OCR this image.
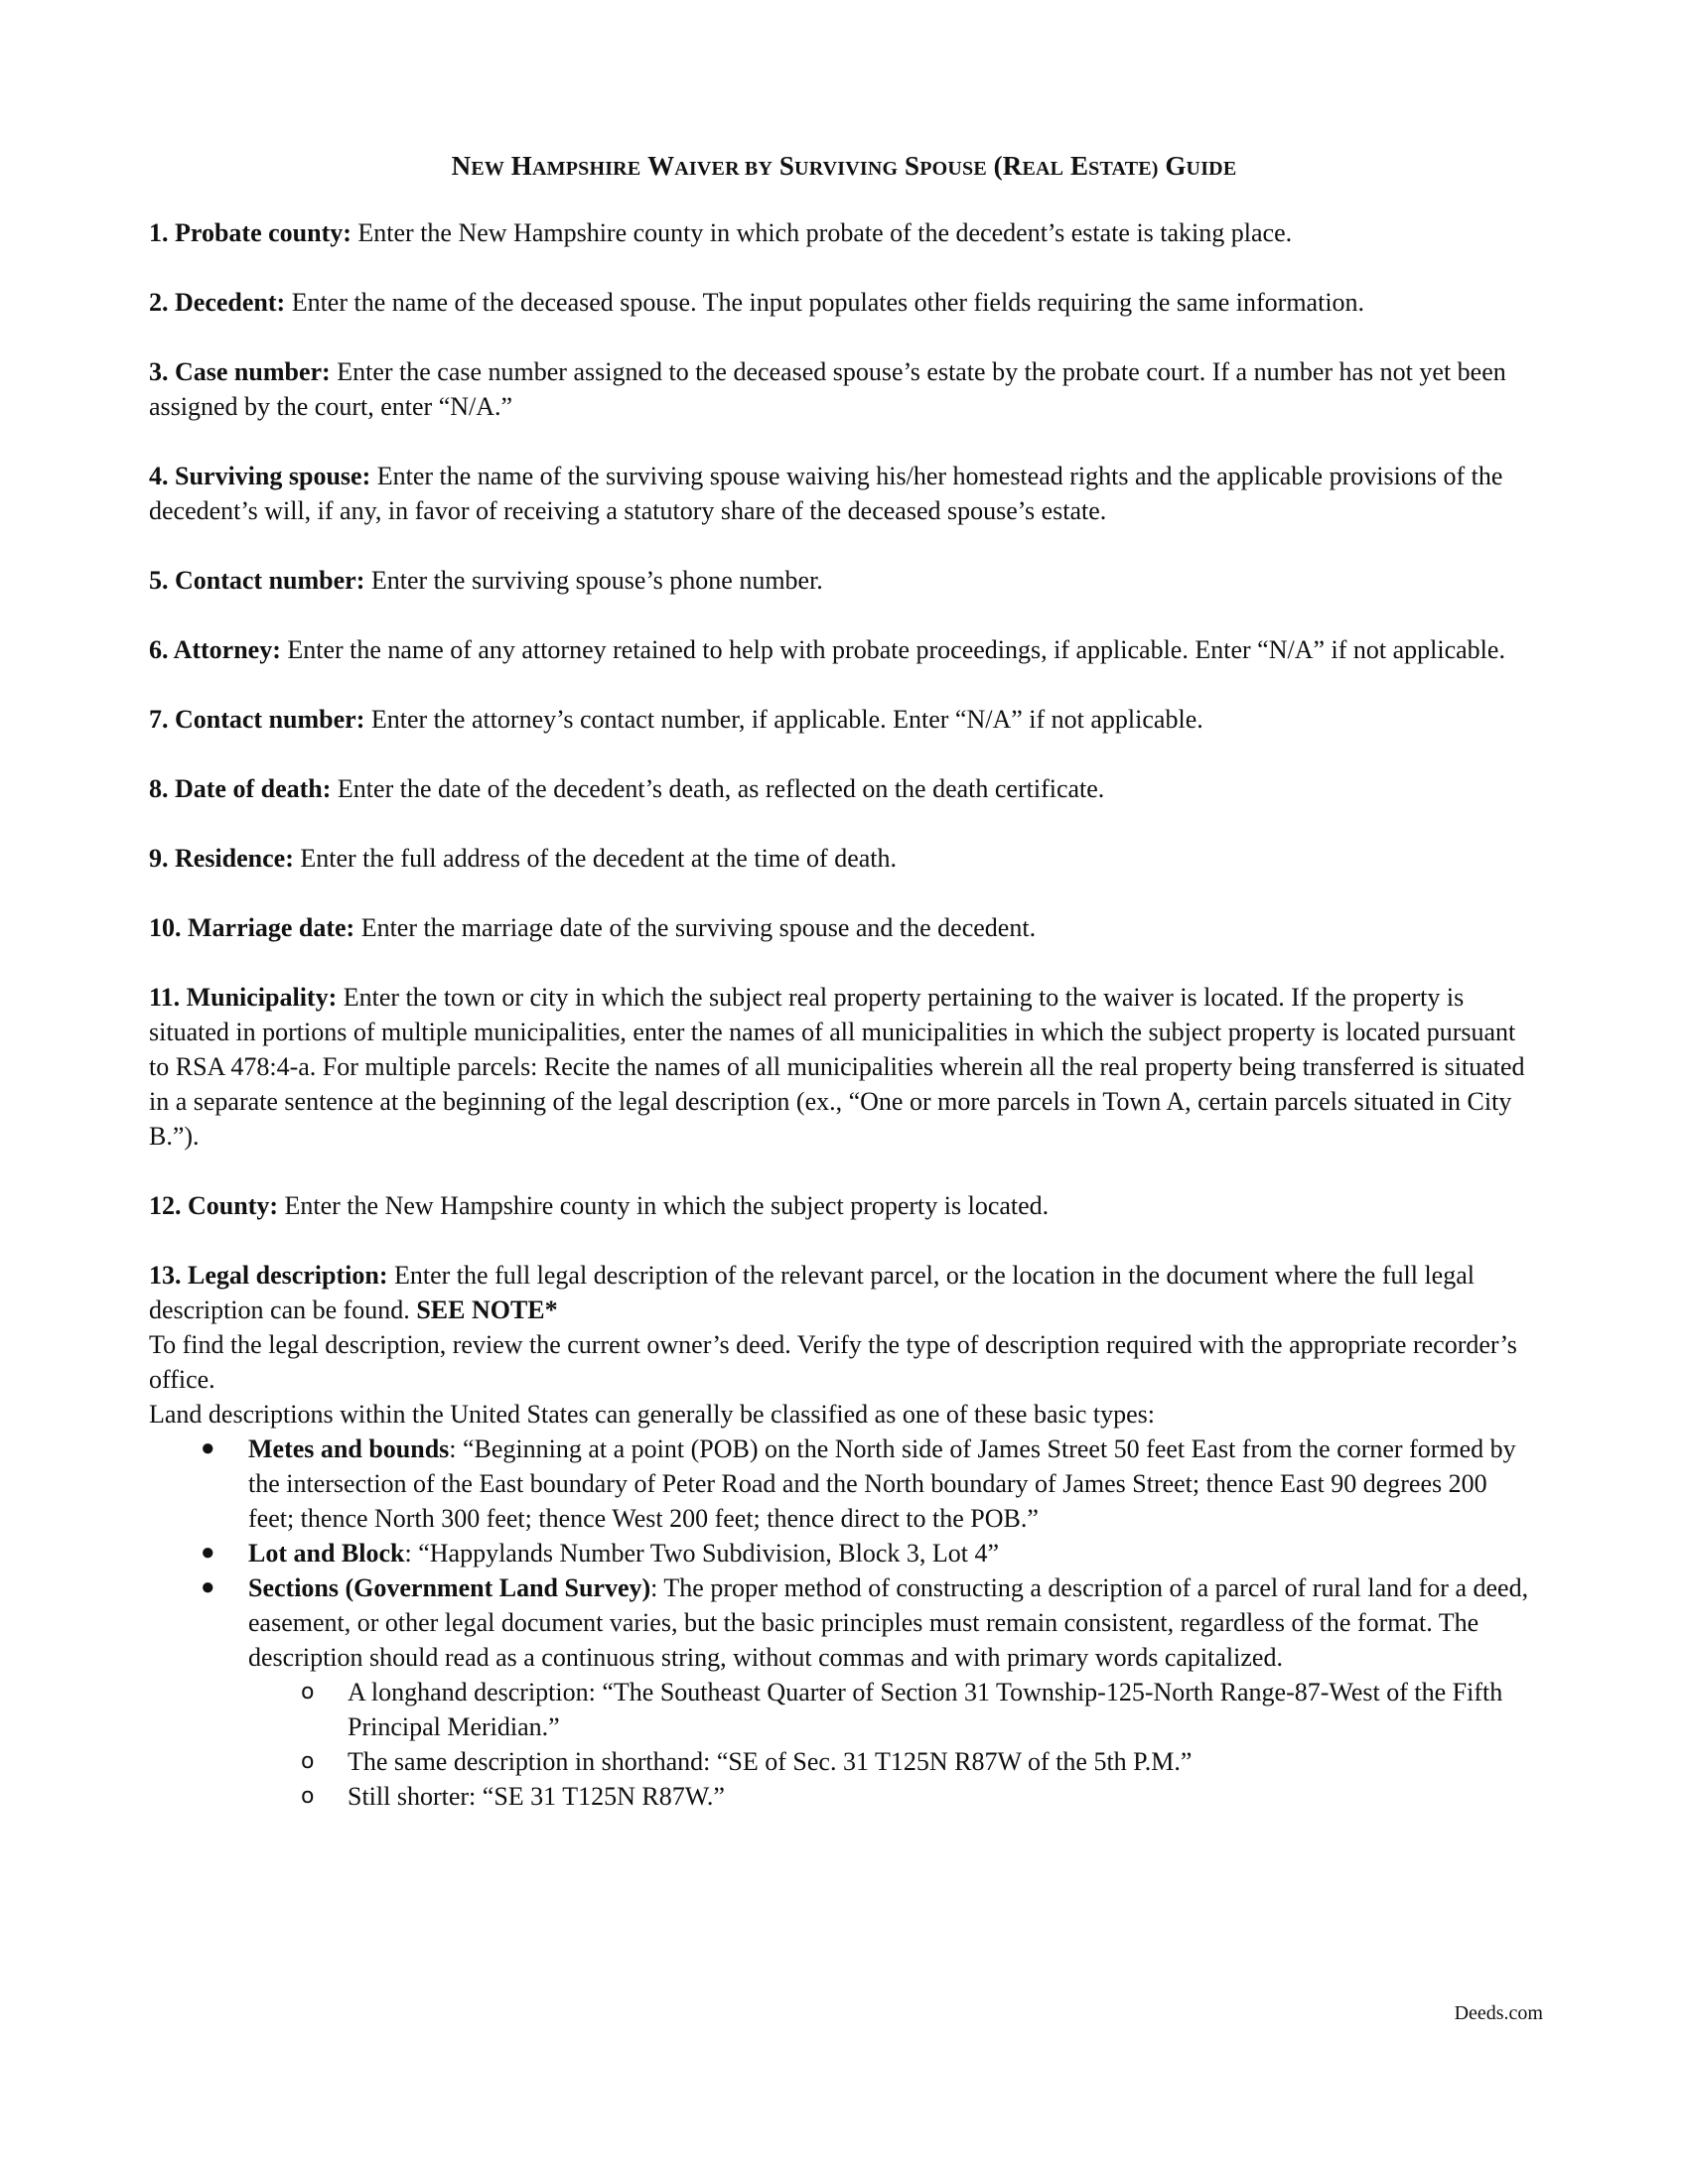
NEW HAMPSHIRE WAIVER BY SURVIVING SPOUSE (REAL ESTATE) GUIDE

1. Probate county: Enter the New Hampshire county in which probate of the decedent’s estate is taking place.

2. Decedent: Enter the name of the deceased spouse. The input populates other fields requiring the same information.

3. Case number: Enter the case number assigned to the deceased spouse’s estate by the probate court. If a number has not yet been assigned by the court, enter “N/A.”

4. Surviving spouse: Enter the name of the surviving spouse waiving his/her homestead rights and the applicable provisions of the decedent’s will, if any, in favor of receiving a statutory share of the deceased spouse’s estate.

5. Contact number: Enter the surviving spouse’s phone number.

6. Attorney: Enter the name of any attorney retained to help with probate proceedings, if applicable. Enter “N/A” if not applicable.

7. Contact number: Enter the attorney’s contact number, if applicable. Enter “N/A” if not applicable.

8. Date of death: Enter the date of the decedent’s death, as reflected on the death certificate.

9. Residence: Enter the full address of the decedent at the time of death.

10. Marriage date: Enter the marriage date of the surviving spouse and the decedent.

11. Municipality: Enter the town or city in which the subject real property pertaining to the waiver is located. If the property is situated in portions of multiple municipalities, enter the names of all municipalities in which the subject property is located pursuant to RSA 478:4-a. For multiple parcels: Recite the names of all municipalities wherein all the real property being transferred is situated in a separate sentence at the beginning of the legal description (ex., “One or more parcels in Town A, certain parcels situated in City B.”).

12. County: Enter the New Hampshire county in which the subject property is located.

13. Legal description: Enter the full legal description of the relevant parcel, or the location in the document where the full legal description can be found. SEE NOTE*

To find the legal description, review the current owner’s deed. Verify the type of description required with the appropriate recorder’s office.

Land descriptions within the United States can generally be classified as one of these basic types:

● Metes and bounds: “Beginning at a point (POB) on the North side of James Street 50 feet East from the corner formed by the intersection of the East boundary of Peter Road and the North boundary of James Street; thence East 90 degrees 200 feet; thence North 300 feet; thence West 200 feet; thence direct to the POB.”
● Lot and Block: “Happylands Number Two Subdivision, Block 3, Lot 4”
● Sections (Government Land Survey): The proper method of constructing a description of a parcel of rural land for a deed, easement, or other legal document varies, but the basic principles must remain consistent, regardless of the format. The description should read as a continuous string, without commas and with primary words capitalized.
o	A longhand description: “The Southeast Quarter of Section 31 Township-125-North Range-87-West of the Fifth Principal Meridian.”
o	The same description in shorthand: “SE of Sec. 31 T125N R87W of the 5th P.M.”
o	Still shorter: “SE 31 T125N R87W.”
Deeds.com
